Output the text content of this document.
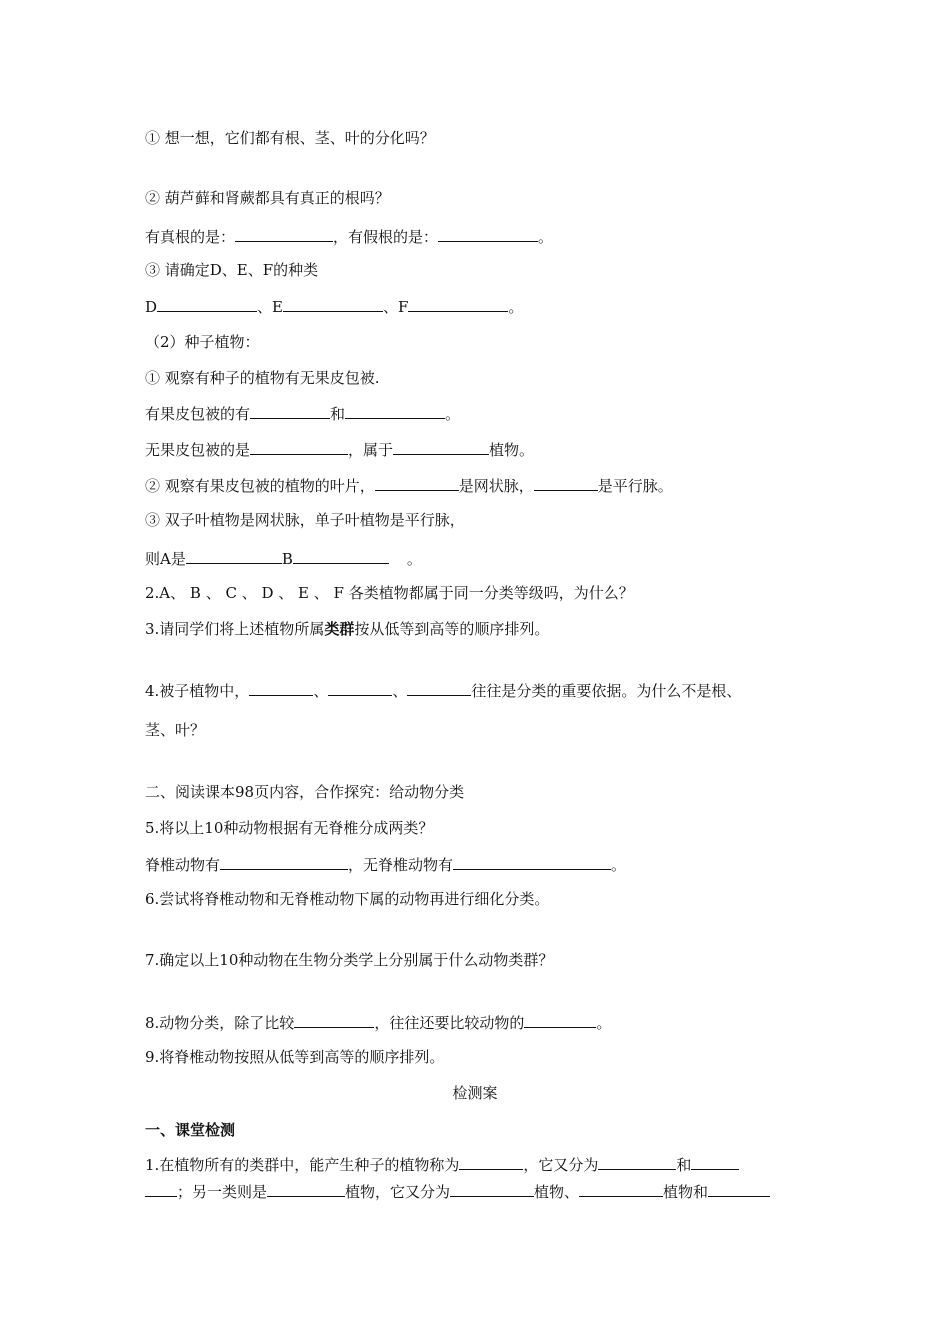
① 想一想，它们都有根、茎、叶的分化吗？
② 葫芦藓和肾蕨都具有真正的根吗？
有真根的是：	，有假根的是：	。
③ 请确定D、E、F的种类
D	、E	、F	。
（2）种子植物：
① 观察有种子的植物有无果皮包被.
有果皮包被的有	和	。
无果皮包被的是	，属于	植物。
② 观察有果皮包被的植物的叶片，	是网状脉，	是平行脉。
③ 双子叶植物是网状脉，单子叶植物是平行脉，
则A是	B	。
2.A、 B 、 C 、 D 、 E 、 F 各类植物都属于同一分类等级吗，为什么？
3.请同学们将上述植物所属类群按从低等到高等的顺序排列。
4.被子植物中，	、	、	往往是分类的重要依据。为什么不是根、
茎、叶？
二、阅读课本98页内容，合作探究：给动物分类
5.将以上10种动物根据有无脊椎分成两类？
脊椎动物有	，无脊椎动物有	。
6.尝试将脊椎动物和无脊椎动物下属的动物再进行细化分类。
7.确定以上10种动物在生物分类学上分别属于什么动物类群？
8.动物分类，除了比较	，往往还要比较动物的	。
9.将脊椎动物按照从低等到高等的顺序排列。
检测案
一、课堂检测
1.在植物所有的类群中，能产生种子的植物称为	，它又分为	和
；另一类则是	植物，它又分为	植物、	植物和
